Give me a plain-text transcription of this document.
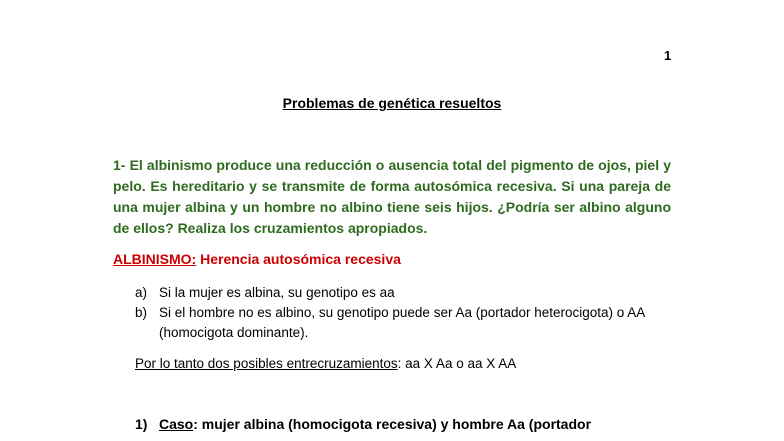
1
Problemas de genética resueltos
1- El albinismo produce una reducción o ausencia total del pigmento de ojos, piel y pelo. Es hereditario y se transmite de forma autosómica recesiva. Si una pareja de una mujer albina y un hombre no albino tiene seis hijos. ¿Podría ser albino alguno de ellos? Realiza los cruzamientos apropiados.
ALBINISMO: Herencia autosómica recesiva
a) Si la mujer es albina, su genotipo es aa
b) Si el hombre no es albino, su genotipo puede ser Aa (portador heterocigota) o AA (homocigota dominante).
Por lo tanto dos posibles entrecruzamientos: aa X Aa o aa X AA
1) Caso: mujer albina (homocigota recesiva) y hombre Aa (portador
